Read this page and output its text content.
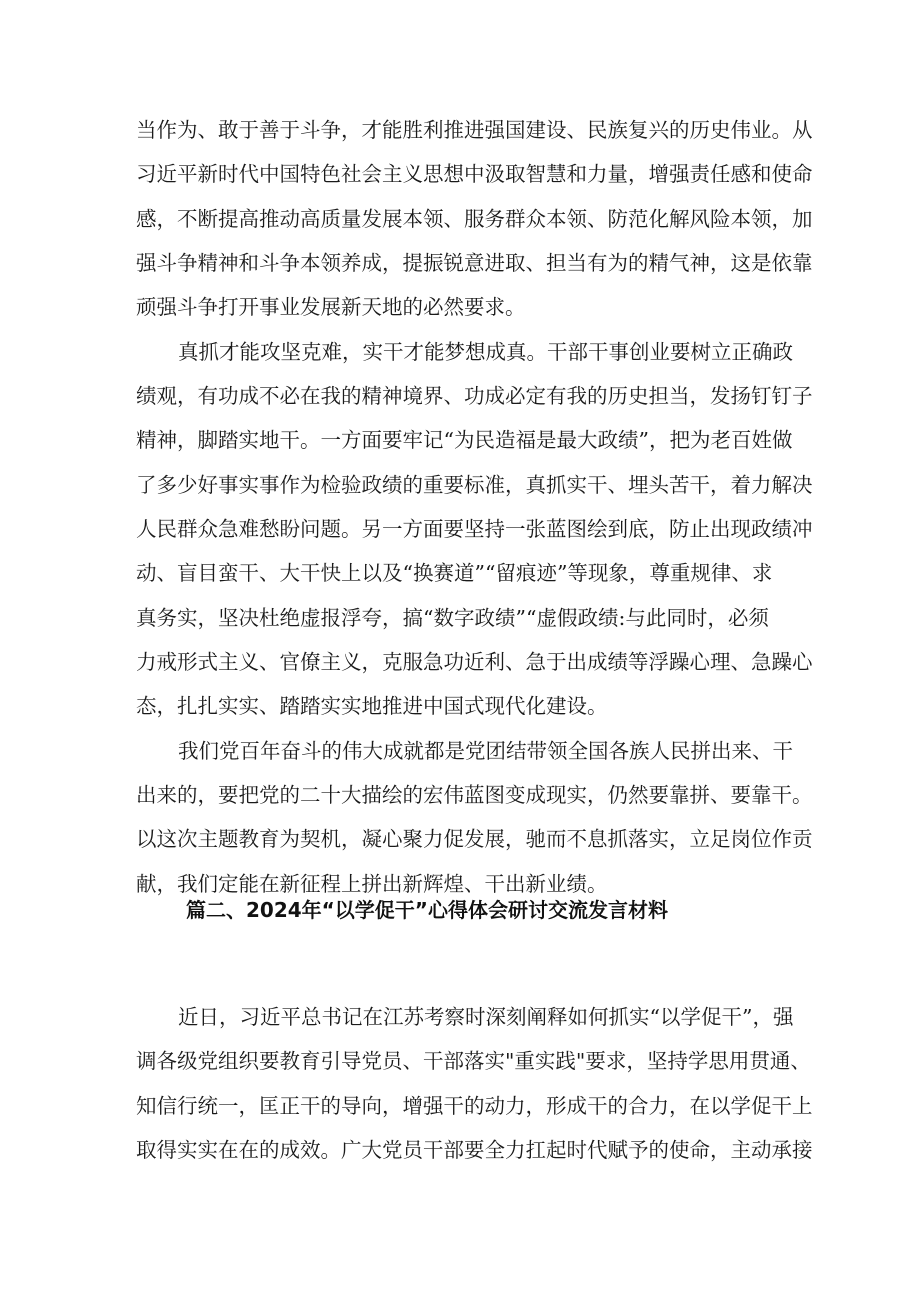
当作为、敢于善于斗争，才能胜利推进强国建设、民族复兴的历史伟业。从
习近平新时代中国特色社会主义思想中汲取智慧和力量，增强责任感和使命
感，不断提高推动高质量发展本领、服务群众本领、防范化解风险本领，加
强斗争精神和斗争本领养成，提振锐意进取、担当有为的精气神，这是依靠
顽强斗争打开事业发展新天地的必然要求。
真抓才能攻坚克难，实干才能梦想成真。干部干事创业要树立正确政
绩观，有功成不必在我的精神境界、功成必定有我的历史担当，发扬钉钉子
精神，脚踏实地干。一方面要牢记“为民造福是最大政绩”，把为老百姓做
了多少好事实事作为检验政绩的重要标准，真抓实干、埋头苦干，着力解决
人民群众急难愁盼问题。另一方面要坚持一张蓝图绘到底，防止出现政绩冲
动、盲目蛮干、大干快上以及“换赛道”“留痕迹”等现象，尊重规律、求
真务实，坚决杜绝虚报浮夸，搞“数字政绩”“虚假政绩:与此同时，必须
力戒形式主义、官僚主义，克服急功近利、急于出成绩等浮躁心理、急躁心
态，扎扎实实、踏踏实实地推进中国式现代化建设。
我们党百年奋斗的伟大成就都是党团结带领全国各族人民拼出来、干
出来的，要把党的二十大描绘的宏伟蓝图变成现实，仍然要靠拼、要靠干。
以这次主题教育为契机，凝心聚力促发展，驰而不息抓落实，立足岗位作贡
献，我们定能在新征程上拼出新辉煌、干出新业绩。
篇二、2024年“以学促干”心得体会研讨交流发言材料
近日，习近平总书记在江苏考察时深刻阐释如何抓实“以学促干”，强
调各级党组织要教育引导党员、干部落实"重实践"要求，坚持学思用贯通、
知信行统一，匡正干的导向，增强干的动力，形成干的合力，在以学促干上
取得实实在在的成效。广大党员干部要全力扛起时代赋予的使命，主动承接
